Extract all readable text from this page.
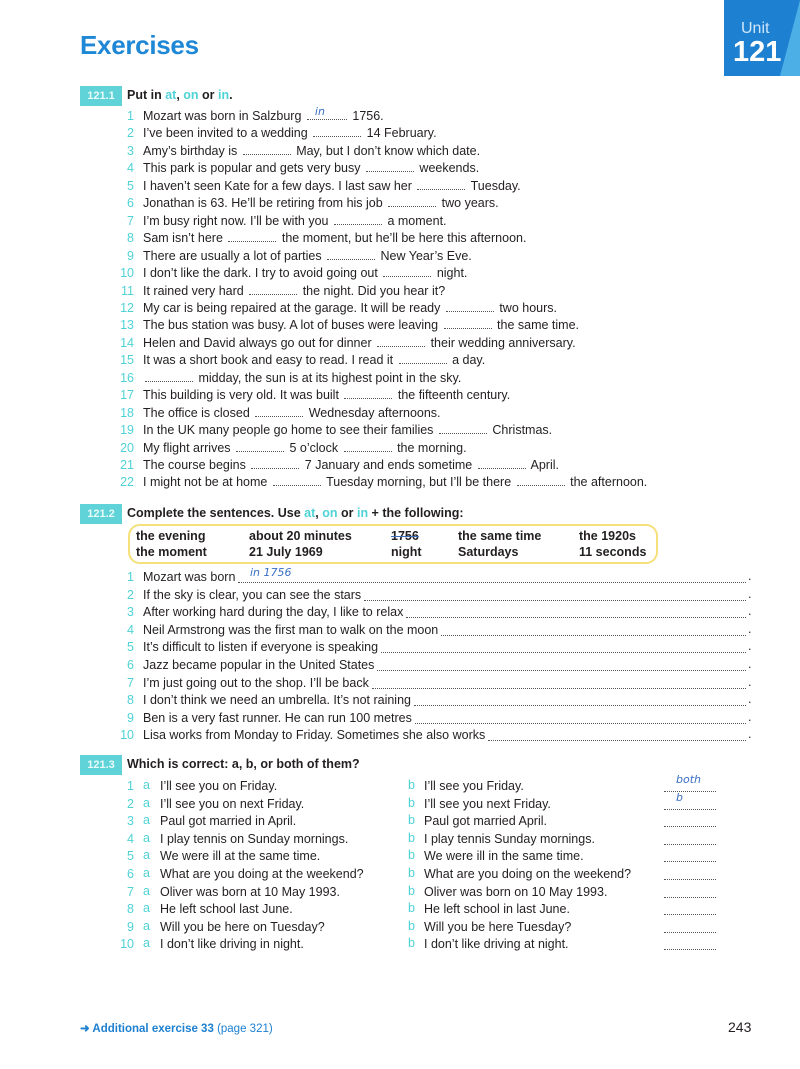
Exercises
Unit
121
121.1 Put in at, on or in.
1 Mozart was born in Salzburg in 1756.
2 I’ve been invited to a wedding	14 February.
3 Amy’s birthday is	May, but I don’t know which date.
4 This park is popular and gets very busy	weekends.
5 I haven’t seen Kate for a few days. I last saw her	Tuesday.
6 Jonathan is 63. He’ll be retiring from his job	two years.
7 I’m busy right now. I’ll be with you	a moment.
8 Sam isn’t here	the moment, but he’ll be here this afternoon.
9 There are usually a lot of parties	New Year’s Eve.
10 I don’t like the dark. I try to avoid going out	night.
11 It rained very hard	the night. Did you hear it?
12 My car is being repaired at the garage. It will be ready	two hours.
13 The bus station was busy. A lot of buses were leaving	the same time.
14 Helen and David always go out for dinner	their wedding anniversary.
15 It was a short book and easy to read. I read it	a day.
16	midday, the sun is at its highest point in the sky.
17 This building is very old. It was built	the fifteenth century.
18 The office is closed	Wednesday afternoons.
19 In the UK many people go home to see their families	Christmas.
20 My flight arrives	5 o’clock	the morning.
21 The course begins	7 January and ends sometime	April.
22 I might not be at home	Tuesday morning, but I’ll be there	the afternoon.
121.2 Complete the sentences. Use at, on or in + the following:
the evening	about 20 minutes	1756	the same time	the 1920s
the moment	21 July 1969	night	Saturdays	11 seconds
1 Mozart was born in 1756	.
2 If the sky is clear, you can see the stars	.
3 After working hard during the day, I like to relax	.
4 Neil Armstrong was the first man to walk on the moon	.
5 It’s difficult to listen if everyone is speaking	.
6 Jazz became popular in the United States	.
7 I’m just going out to the shop. I’ll be back	.
8 I don’t think we need an umbrella. It’s not raining	.
9 Ben is a very fast runner. He can run 100 metres	.
10 Lisa works from Monday to Friday. Sometimes she also works	.
121.3 Which is correct: a, b, or both of them?
1 a I’ll see you on Friday.	b I’ll see you Friday.	both
2 a I’ll see you on next Friday.	b I’ll see you next Friday.	b
3 a Paul got married in April.	b Paul got married April.
4 a I play tennis on Sunday mornings.	b I play tennis Sunday mornings.
5 a We were ill at the same time.	b We were ill in the same time.
6 a What are you doing at the weekend?	b What are you doing on the weekend?
7 a Oliver was born at 10 May 1993.	b Oliver was born on 10 May 1993.
8 a He left school last June.	b He left school in last June.
9 a Will you be here on Tuesday?	b Will you be here Tuesday?
10 a I don’t like driving in night.	b I don’t like driving at night.
➜ Additional exercise 33 (page 321)	243
